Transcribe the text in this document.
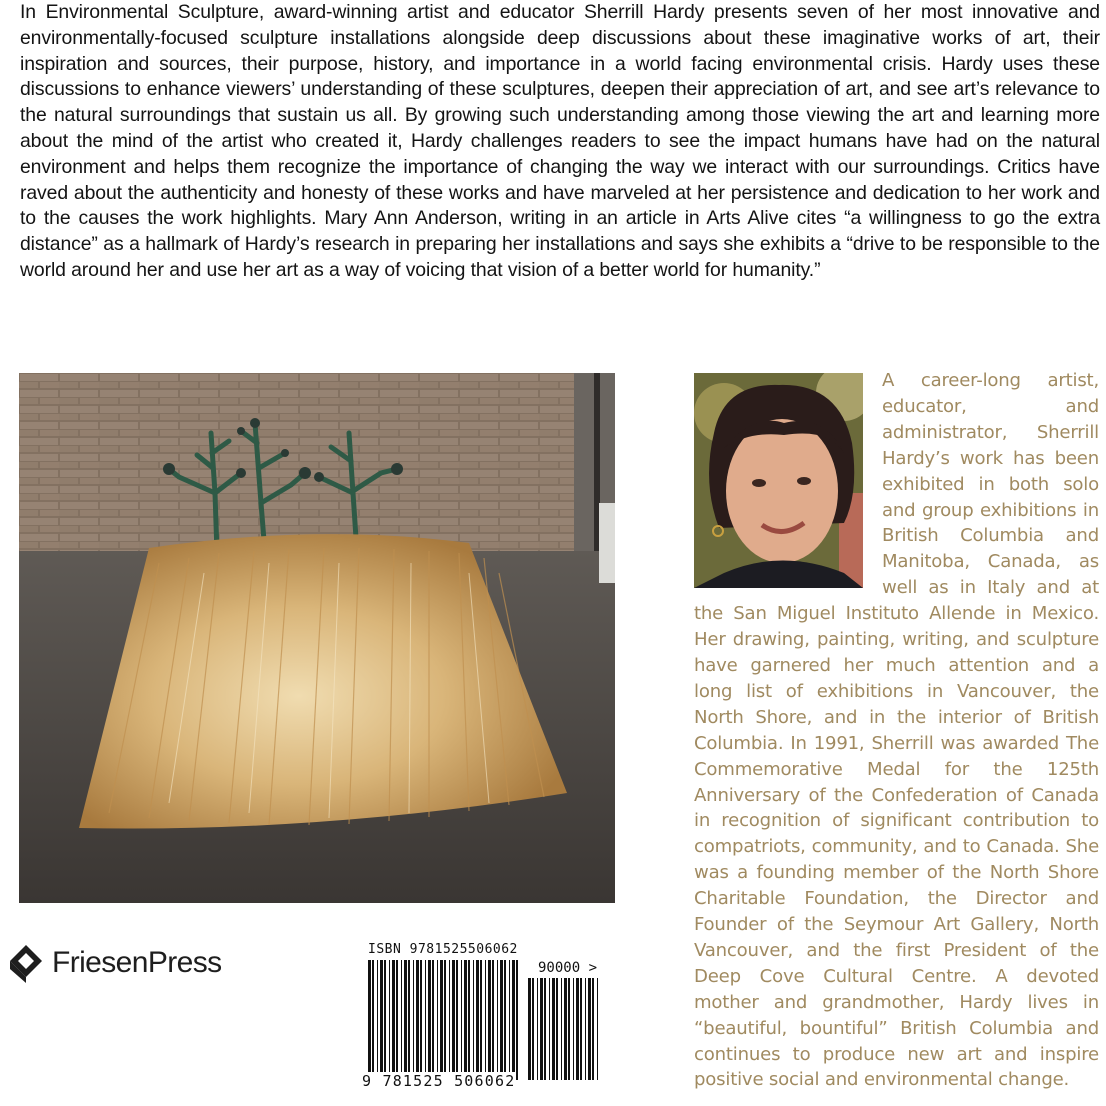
In Environmental Sculpture, award-winning artist and educator Sherrill Hardy presents seven of her most innovative and environmentally-focused sculpture installations alongside deep discussions about these imaginative works of art, their inspiration and sources, their purpose, history, and importance in a world facing environmental crisis. Hardy uses these discussions to enhance viewers’ understanding of these sculptures, deepen their appreciation of art, and see art’s relevance to the natural surroundings that sustain us all. By growing such understanding among those viewing the art and learning more about the mind of the artist who created it, Hardy challenges readers to see the impact humans have had on the natural environment and helps them recognize the importance of changing the way we interact with our surroundings. Critics have raved about the authenticity and honesty of these works and have marveled at her persistence and dedication to her work and to the causes the work highlights. Mary Ann Anderson, writing in an article in Arts Alive cites “a willingness to go the extra distance” as a hallmark of Hardy’s research in preparing her installations and says she exhibits a “drive to be responsible to the world around her and use her art as a way of voicing that vision of a better world for humanity.”

A career-long artist, educator, and administrator, Sherrill Hardy’s work has been exhibited in both solo and group exhibitions in British Columbia and Manitoba, Canada, as well as in Italy and at the San Miguel Instituto Allende in Mexico. Her drawing, painting, writing, and sculpture have garnered her much attention and a long list of exhibitions in Vancouver, the North Shore, and in the interior of British Columbia. In 1991, Sherrill was awarded The Commemorative Medal for the 125th Anniversary of the Confederation of Canada in recognition of significant contribution to compatriots, community, and to Canada. She was a founding member of the North Shore Charitable Foundation, the Director and Founder of the Seymour Art Gallery, North Vancouver, and the first President of the Deep Cove Cultural Centre. A devoted mother and grandmother, Hardy lives in “beautiful, bountiful” British Columbia and continues to produce new art and inspire positive social and environmental change.
FriesenPress	ISBN 9781525506062
90000 >
9 781525 506062
